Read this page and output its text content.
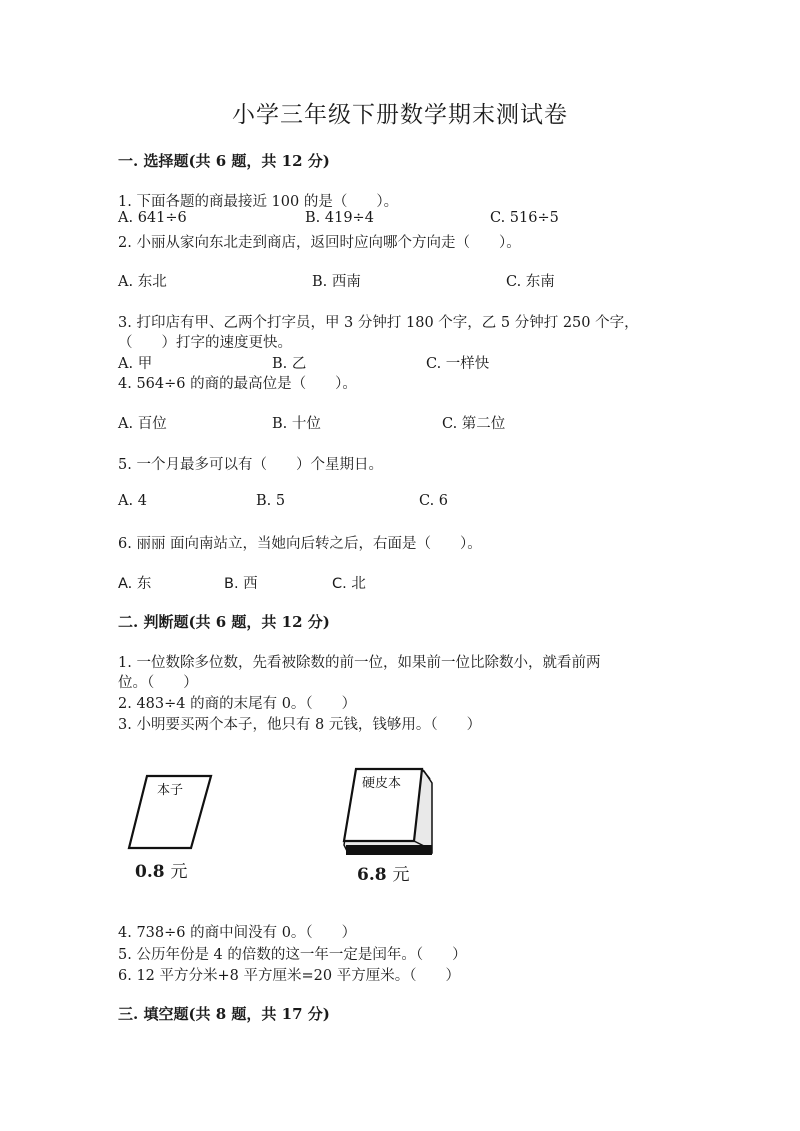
小学三年级下册数学期末测试卷
一. 选择题(共 6 题，共 12 分)
1. 下面各题的商最接近 100 的是（　　）。
A. 641÷6	B. 419÷4	C. 516÷5
2. 小丽从家向东北走到商店，返回时应向哪个方向走（　　）。
A. 东北	B. 西南	C. 东南
3. 打印店有甲、乙两个打字员，甲 3 分钟打 180 个字，乙 5 分钟打 250 个字，
（　　）打字的速度更快。
A. 甲	B. 乙	C. 一样快
4. 564÷6 的商的最高位是（　　）。
A. 百位	B. 十位	C. 第二位
5. 一个月最多可以有（　　）个星期日。
A. 4	B. 5	C. 6
6. 丽丽 面向南站立，当她向后转之后，右面是（　　）。
A. 东	B. 西	C. 北
二. 判断题(共 6 题，共 12 分)
1. 一位数除多位数，先看被除数的前一位，如果前一位比除数小，就看前两
位。（　　）
2. 483÷4 的商的末尾有 0。（　　）
3. 小明要买两个本子，他只有 8 元钱，钱够用。（　　）
本子
0.8 元
硬皮本
6.8 元
4. 738÷6 的商中间没有 0。（　　）
5. 公历年份是 4 的倍数的这一年一定是闰年。（　　）
6. 12 平方分米+8 平方厘米=20 平方厘米。（　　）
三. 填空题(共 8 题，共 17 分)
